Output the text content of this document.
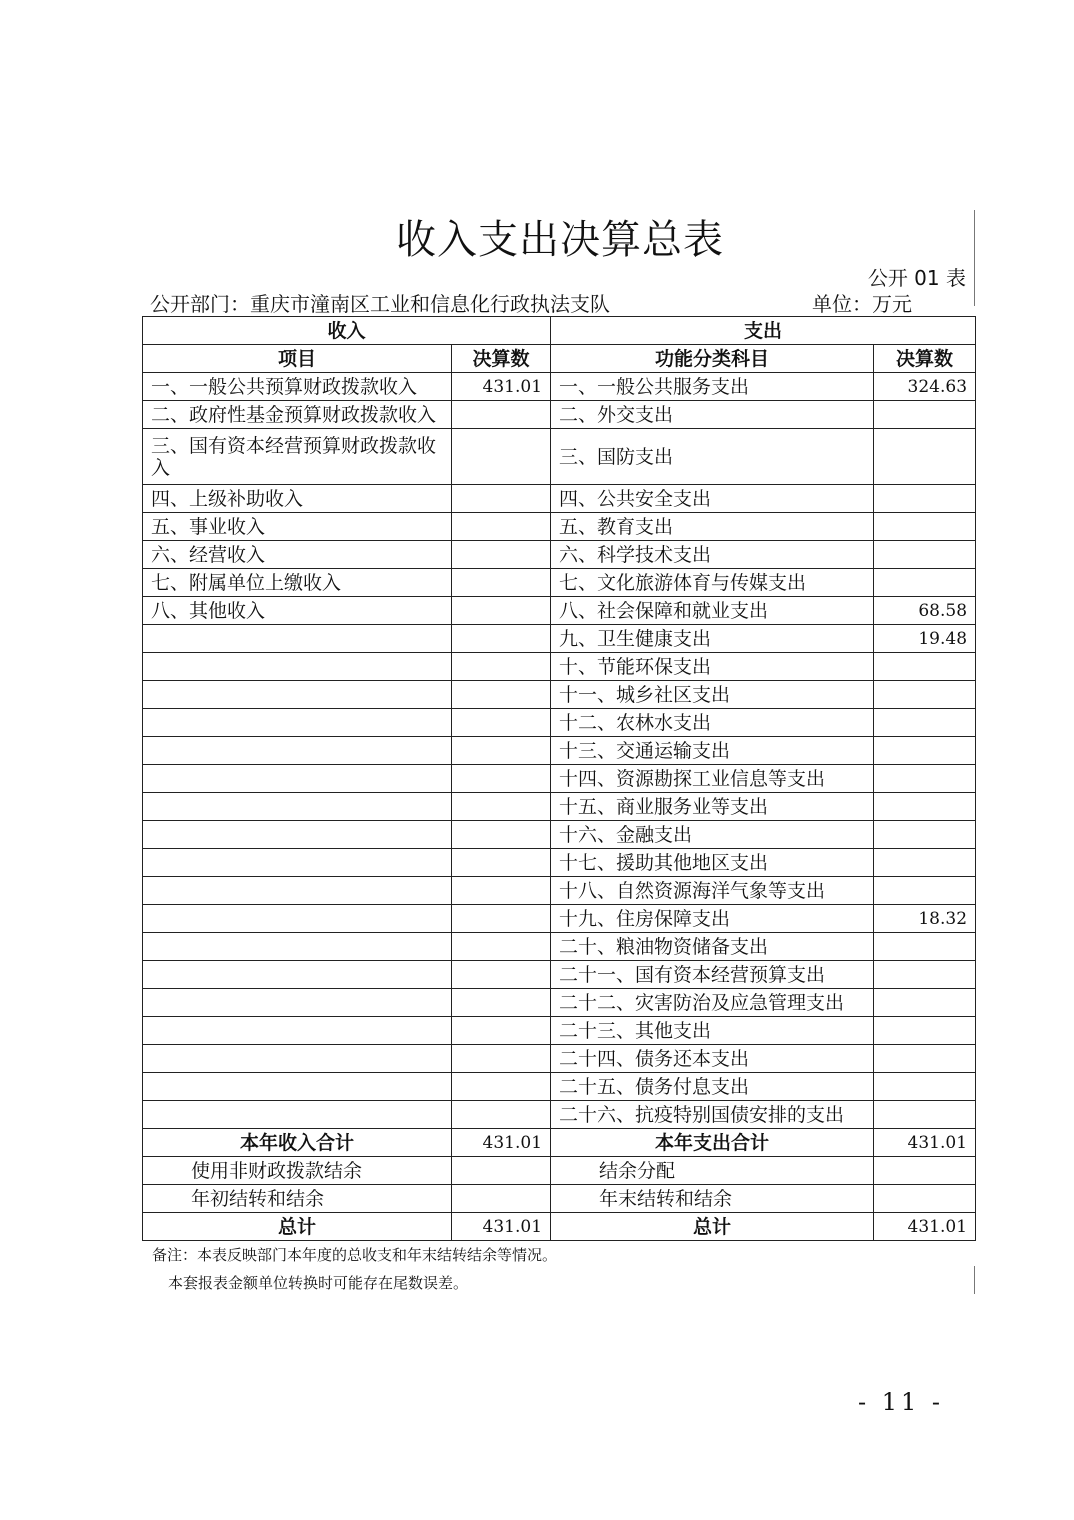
收入支出决算总表
公开 01 表
公开部门：重庆市潼南区工业和信息化行政执法支队	单位：万元
收入		支出	
项目	决算数	功能分类科目	决算数
一、一般公共预算财政拨款收入	431.01	一、一般公共服务支出	324.63
二、政府性基金预算财政拨款收入		二、外交支出	
三、国有资本经营预算财政拨款收入		三、国防支出	
四、上级补助收入		四、公共安全支出	
五、事业收入		五、教育支出	
六、经营收入		六、科学技术支出	
七、附属单位上缴收入		七、文化旅游体育与传媒支出	
八、其他收入		八、社会保障和就业支出	68.58
		九、卫生健康支出	19.48
		十、节能环保支出	
		十一、城乡社区支出	
		十二、农林水支出	
		十三、交通运输支出	
		十四、资源勘探工业信息等支出	
		十五、商业服务业等支出	
		十六、金融支出	
		十七、援助其他地区支出	
		十八、自然资源海洋气象等支出	
		十九、住房保障支出	18.32
		二十、粮油物资储备支出	
		二十一、国有资本经营预算支出	
		二十二、灾害防治及应急管理支出	
		二十三、其他支出	
		二十四、债务还本支出	
		二十五、债务付息支出	
		二十六、抗疫特别国债安排的支出	
本年收入合计	431.01	本年支出合计	431.01
使用非财政拨款结余		结余分配	
年初结转和结余		年末结转和结余	
总计	431.01	总计	431.01
备注：本表反映部门本年度的总收支和年末结转结余等情况。
本套报表金额单位转换时可能存在尾数误差。
- 11 -
